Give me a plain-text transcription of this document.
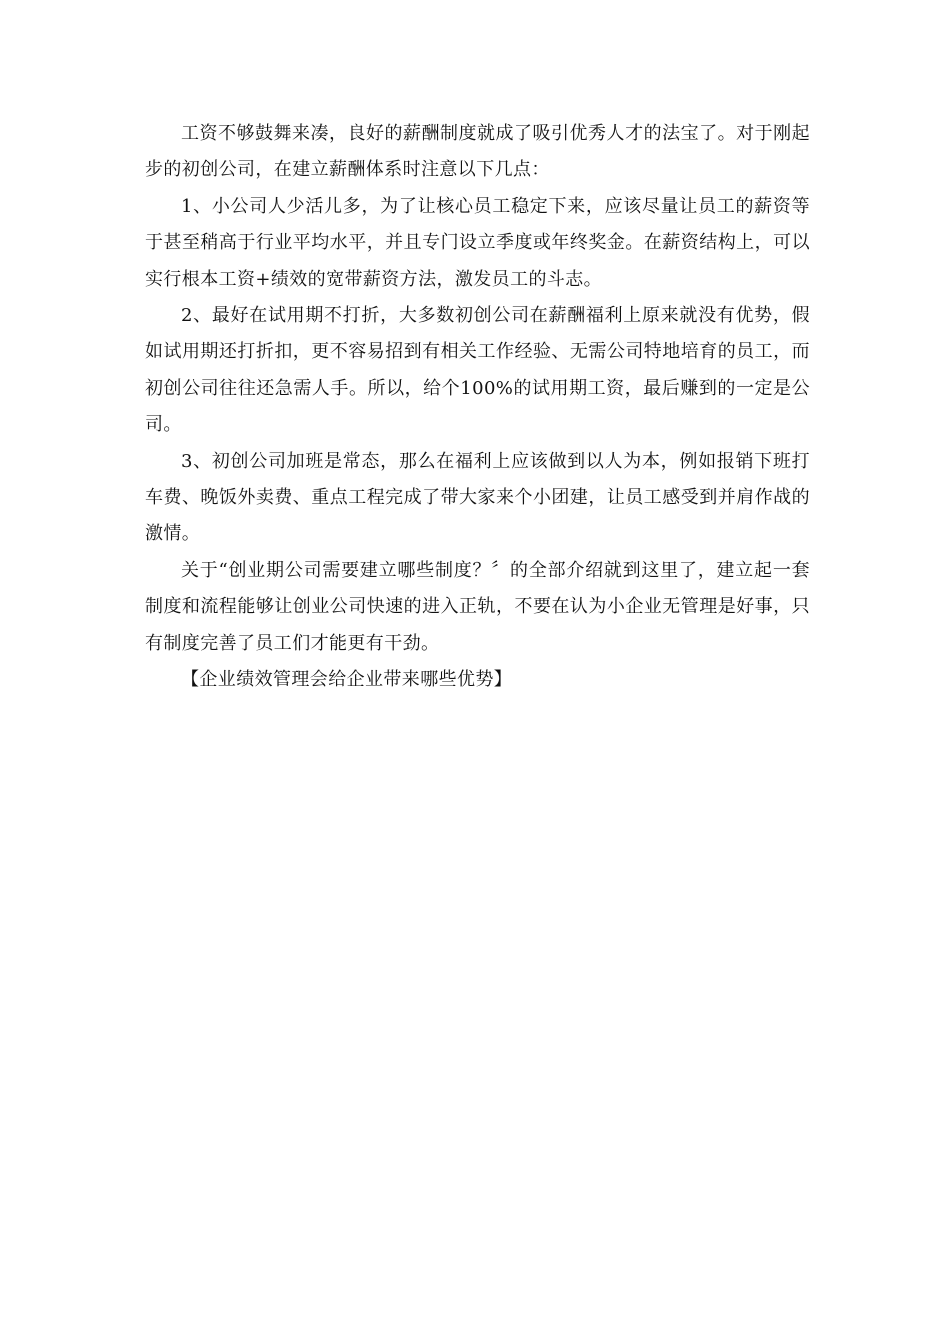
工资不够鼓舞来凑，良好的薪酬制度就成了吸引优秀人才的法宝了。对于刚起步的初创公司，在建立薪酬体系时注意以下几点：

1、小公司人少活儿多，为了让核心员工稳定下来，应该尽量让员工的薪资等于甚至稍高于行业平均水平，并且专门设立季度或年终奖金。在薪资结构上，可以实行根本工资+绩效的宽带薪资方法，激发员工的斗志。

2、最好在试用期不打折，大多数初创公司在薪酬福利上原来就没有优势，假如试用期还打折扣，更不容易招到有相关工作经验、无需公司特地培育的员工，而初创公司往往还急需人手。所以，给个100%的试用期工资，最后赚到的一定是公司。

3、初创公司加班是常态，那么在福利上应该做到以人为本，例如报销下班打车费、晚饭外卖费、重点工程完成了带大家来个小团建，让员工感受到并肩作战的激情。

关于“创业期公司需要建立哪些制度？〞的全部介绍就到这里了，建立起一套制度和流程能够让创业公司快速的进入正轨，不要在认为小企业无管理是好事，只有制度完善了员工们才能更有干劲。

【企业绩效管理会给企业带来哪些优势】
